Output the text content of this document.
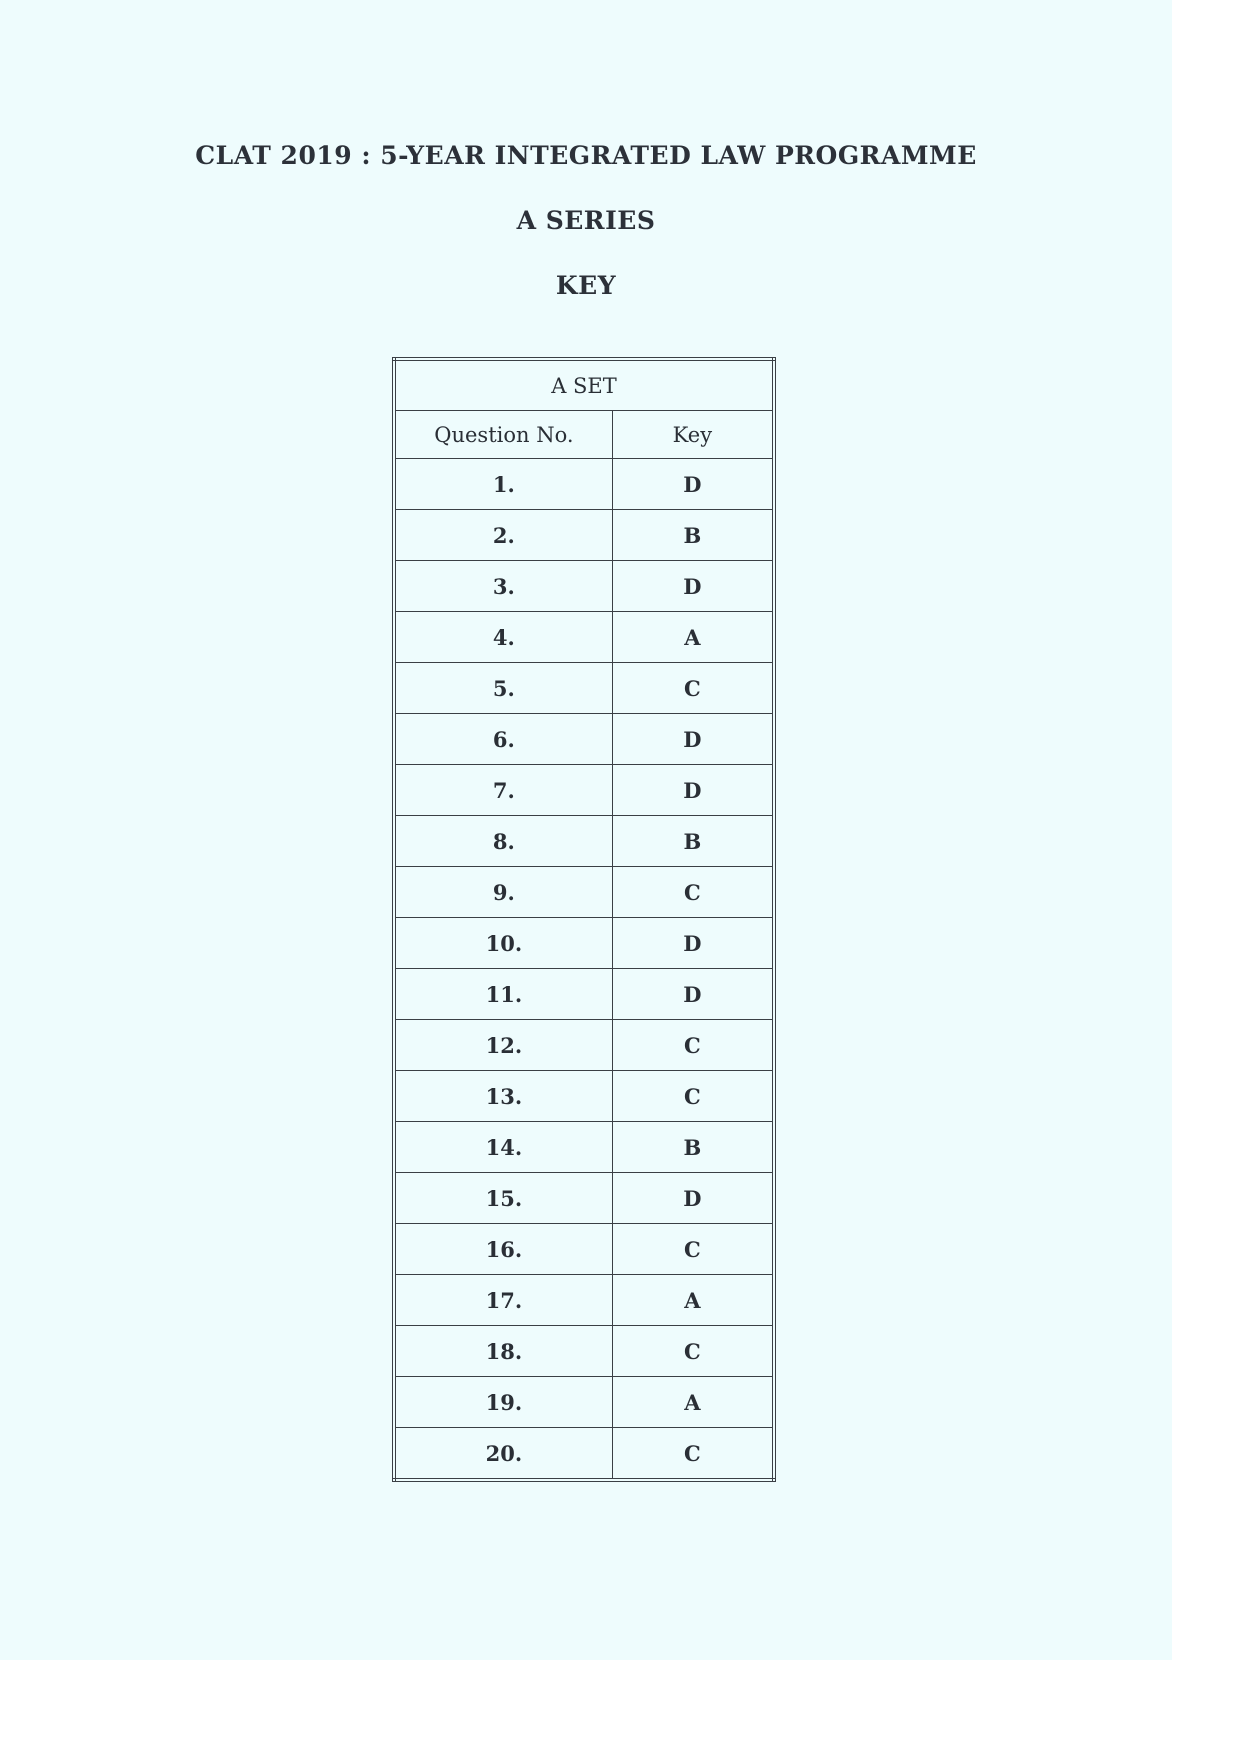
CLAT 2019 : 5-YEAR INTEGRATED LAW PROGRAMME
A SERIES
KEY
A SET	
Question No.	Key
1.	D
2.	B
3.	D
4.	A
5.	C
6.	D
7.	D
8.	B
9.	C
10.	D
11.	D
12.	C
13.	C
14.	B
15.	D
16.	C
17.	A
18.	C
19.	A
20.	C
